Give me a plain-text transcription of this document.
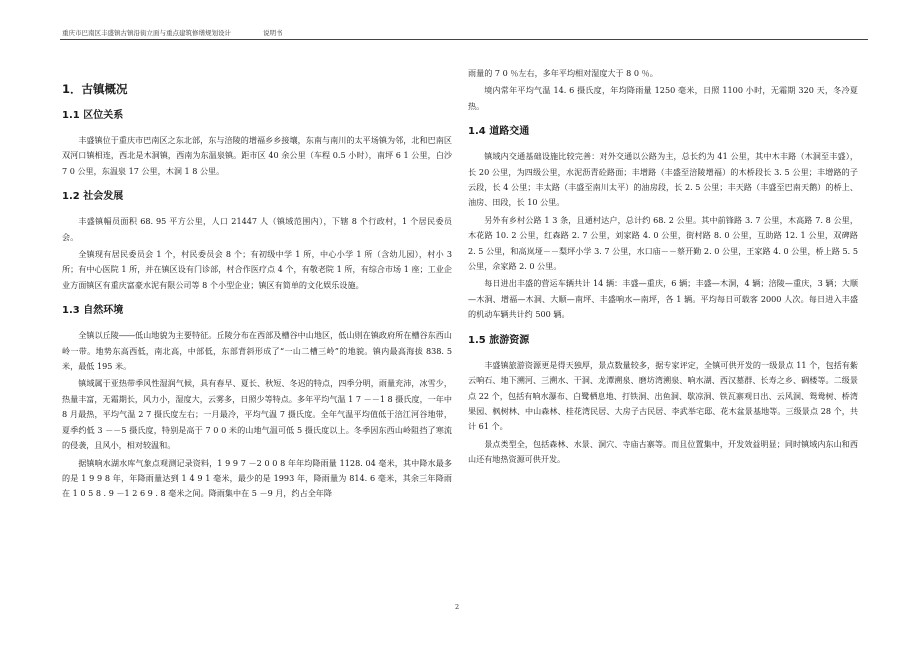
重庆市巴南区丰盛镇古镇沿街立面与重点建筑修缮规划设计	说明书
1．古镇概况
1.1 区位关系

丰盛镇位于重庆市巴南区之东北部，东与涪陵的增福乡乡接壤，东南与南川的太平场镇为邻，北和巴南区双河口镇相连，西北是木洞镇，西南为东温泉镇。距市区 40 余公里（车程 0.5 小时），南坪 6 1 公里，白沙 7 0 公里，东温泉 17 公里，木洞 1 8 公里。

1.2 社会发展

丰盛镇幅员面积 68. 95 平方公里，人口 21447 人（镇域范围内），下辖 8 个行政村，1 个居民委员会。

全镇现有居民委员会 1 个，村民委员会 8 个；有初级中学 1 所，中心小学 1 所（含幼儿园），村小 3 所；有中心医院 1 所，并在镇区设有门诊部，村合作医疗点 4 个，有敬老院 1 所，有综合市场 1 座；工业企业方面镇区有重庆富豪水泥有限公司等 8 个小型企业；镇区有简单的文化娱乐设施。

1.3 自然环境

全镇以丘陵――低山地貌为主要特征。丘陵分布在西部及槽谷中山地区，低山则在镇政府所在槽谷东西山岭一带。地势东高西低，南北高，中部低，东部背斜形成了“一山二槽三岭”的地貌。镇内最高海拔 838. 5 米，最低 195 米。

镇域属于亚热带季风性湿润气候，具有春早、夏长、秋短、冬迟的特点，四季分明，雨量充沛，冰雪少，热量丰富，无霜期长，风力小，湿度大，云雾多，日照少等特点。多年平均气温 1 7 －－1 8 摄氏度，一年中 8 月最热，平均气温 2 7 摄氏度左右；一月最冷，平均气温 7 摄氏度。全年气温平均值低于涪江河谷地带，夏季约低 3 －－5 摄氏度，特别是高于 7 0 0 米的山地气温可低 5 摄氏度以上。冬季因东西山岭阻挡了寒流的侵袭，且风小，相对较温和。

据镇响水湖水库气象点观测记录资料，1 9 9 7 －2 0 0 8 年年均降雨量 1128. 04 毫米，其中降水最多的是 1 9 9 8 年，年降雨量达到 1 4 9 1 毫米，最少的是 1993 年，降雨量为 814. 6 毫米，其余三年降雨在 1 0 5 8 . 9 －1 2 6 9 . 8 毫米之间。降雨集中在 5 －9 月，约占全年降

雨量的 7 0 ％左右，多年平均相对湿度大于 8 0 ％。

境内常年平均气温 14. 6 摄氏度，年均降雨量 1250 毫米，日照 1100 小时，无霜期 320 天，冬冷夏热。

1.4 道路交通

镇域内交通基础设施比较完善：对外交通以公路为主，总长约为 41 公里，其中木丰路（木洞至丰盛），长 20 公里，为四级公里，水泥沥青砼路面；丰增路（丰盛至涪陵增福）的木桥段长 3. 5 公里；丰增路的子云段，长 4 公里；丰太路（丰盛至南川太平）的油房段，长 2. 5 公里；丰天路（丰盛至巴南天鹅）的桥上、油房、田段，长 10 公里。

另外有乡村公路 1 3 条，且通村达户，总计约 68. 2 公里。其中前锋路 3. 7 公里，木高路 7. 8 公里，木花路 10. 2 公里，红森路 2. 7 公里，刘家路 4. 0 公里，街村路 8. 0 公里，互助路 12. 1 公里，双碑路 2. 5 公里，和高岚垭－－梨坪小学 3. 7 公里，水口庙－－蔡开勤 2. 0 公里，王家路 4. 0 公里，桥上路 5. 5 公里，佘家路 2. 0 公里。

每日进出丰盛的营运车辆共计 14 辆：丰盛—重庆，6 辆；丰盛—木洞，4 辆；涪陵—重庆，3 辆；大顺—木洞、增福—木洞、大顺—南坪、丰盛响水—南坪，各 1 辆。平均每日可载客 2000 人次。每日进入丰盛的机动车辆共计约 500 辆。

1.5 旅游资源

丰盛镇旅游资源更是得天独厚，景点数量较多，据专家评定，全镇可供开发的一级景点 11 个，包括有紫云响石、地下溯河、三溯水、干洞、龙潭溯泉、磨坊湾溯泉、响水湖、西汉墓群、长寿之乡、碉楼等。二级景点 22 个，包括有响水瀑布、白鹭栖息地、打铁洞、出鱼洞、歇凉洞、铁瓦寨观日出、云风洞、鸳鸯树、桥湾果园、枫树林、中山森林、桂花湾民居、大房子古民居、李武举宅邸、花木盆景基地等。三级景点 28 个，共计 61 个。

景点类型全，包括森林、水景、洞穴、寺庙古寨等。而且位置集中，开发效益明显；同时镇域内东山和西山还有地热资源可供开发。

2
